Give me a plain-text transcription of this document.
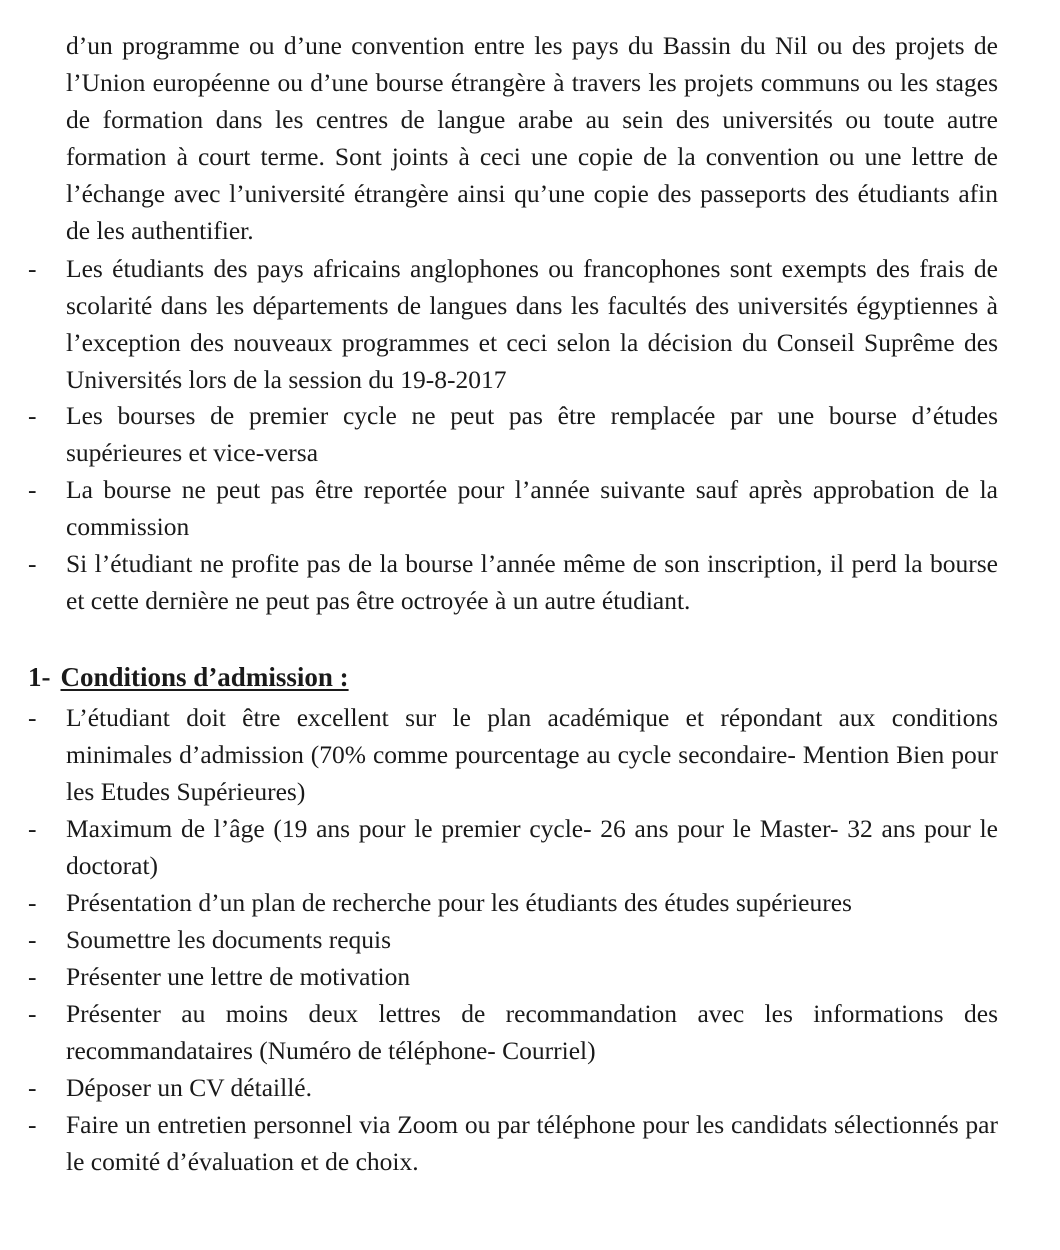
d’un programme ou d’une convention entre les pays du Bassin du Nil ou des projets de l’Union européenne ou d’une bourse étrangère à travers les projets communs ou les stages de formation dans les centres de langue arabe au sein des universités ou toute autre formation à court terme. Sont joints à ceci une copie de la convention ou une lettre de l’échange avec l’université étrangère ainsi qu’une copie des passeports des étudiants afin de les authentifier.

-	Les étudiants des pays africains anglophones ou francophones sont exempts des frais de scolarité dans les départements de langues dans les facultés des universités égyptiennes à l’exception des nouveaux programmes et ceci selon la décision du Conseil Suprême des Universités lors de la session du 19-8-2017

-	Les bourses de premier cycle ne peut pas être remplacée par une bourse d’études supérieures et vice-versa

-	La bourse ne peut pas être reportée pour l’année suivante sauf après approbation de la commission

-	Si l’étudiant ne profite pas de la bourse l’année même de son inscription, il perd la bourse et cette dernière ne peut pas être octroyée à un autre étudiant.

1- Conditions d’admission :
-	L’étudiant doit être excellent sur le plan académique et répondant aux conditions minimales d’admission (70% comme pourcentage au cycle secondaire- Mention Bien pour les Etudes Supérieures)

-	Maximum de l’âge (19 ans pour le premier cycle- 26 ans pour le Master- 32 ans pour le doctorat)

-	Présentation d’un plan de recherche pour les étudiants des études supérieures

-	Soumettre les documents requis

-	Présenter une lettre de motivation

-	Présenter au moins deux lettres de recommandation avec les informations des recommandataires (Numéro de téléphone- Courriel)

-	Déposer un CV détaillé.

-	Faire un entretien personnel via Zoom ou par téléphone pour les candidats sélectionnés par le comité d’évaluation et de choix.
